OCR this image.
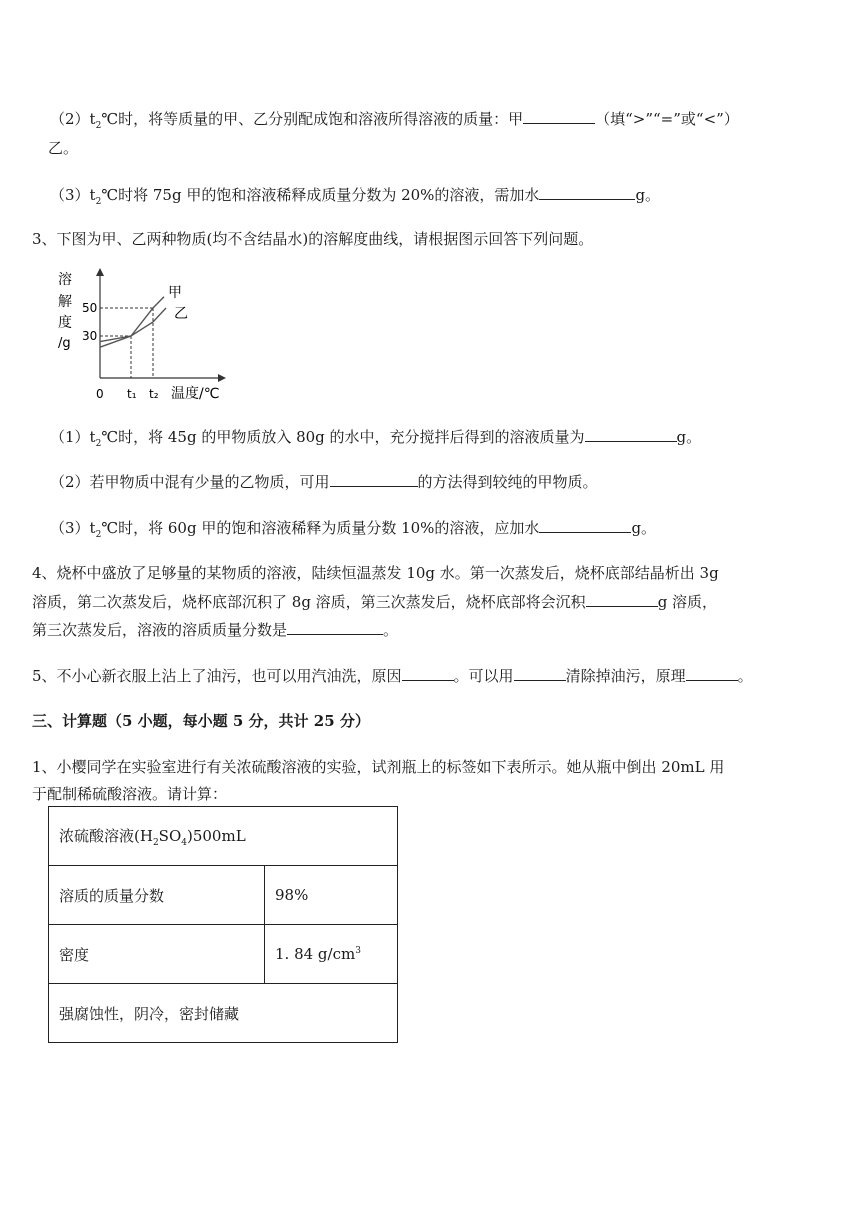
$(2)t_2℃$时，将等质量的甲、乙分别配成饱和溶液所得溶液的质量：甲	（填“>”“=”或“<”）
乙。
$(3)t_2℃$时将 75g 甲的饱和溶液稀释成质量分数为 20%的溶液，需加水	g。
3、下图为甲、乙两种物质(均不含结晶水)的溶解度曲线，请根据图示回答下列问题。
溶
解
度
/g
0 t₁ t₂
30
50
甲
乙
温度/℃
$(1)t_2℃$时，将 45g 的甲物质放入 80g 的水中，充分搅拌后得到的溶液质量为	g。
（2）若甲物质中混有少量的乙物质，可用	的方法得到较纯的甲物质。
$(3)t_2℃$时，将 60g 甲的饱和溶液稀释为质量分数 10%的溶液，应加水	g。
4、烧杯中盛放了足够量的某物质的溶液，陆续恒温蒸发 10g 水。第一次蒸发后，烧杯底部结晶析出 3g
溶质，第二次蒸发后，烧杯底部沉积了 8g 溶质，第三次蒸发后，烧杯底部将会沉积	g 溶质，
第三次蒸发后，溶液的溶质质量分数是	。
5、不小心新衣服上沾上了油污，也可以用汽油洗，原因	。可以用	清除掉油污，原理	。
三、计算题（5 小题，每小题 5 分，共计 25 分）
1、小樱同学在实验室进行有关浓硫酸溶液的实验，试剂瓶上的标签如下表所示。她从瓶中倒出 20mL 用
于配制稀硫酸溶液。请计算：
浓硫酸溶液$(H_2SO_4)500mL$	
溶质的质量分数	98%
密度	1. 84 $g/cm^3$
强腐蚀性，阴冷，密封储藏	
